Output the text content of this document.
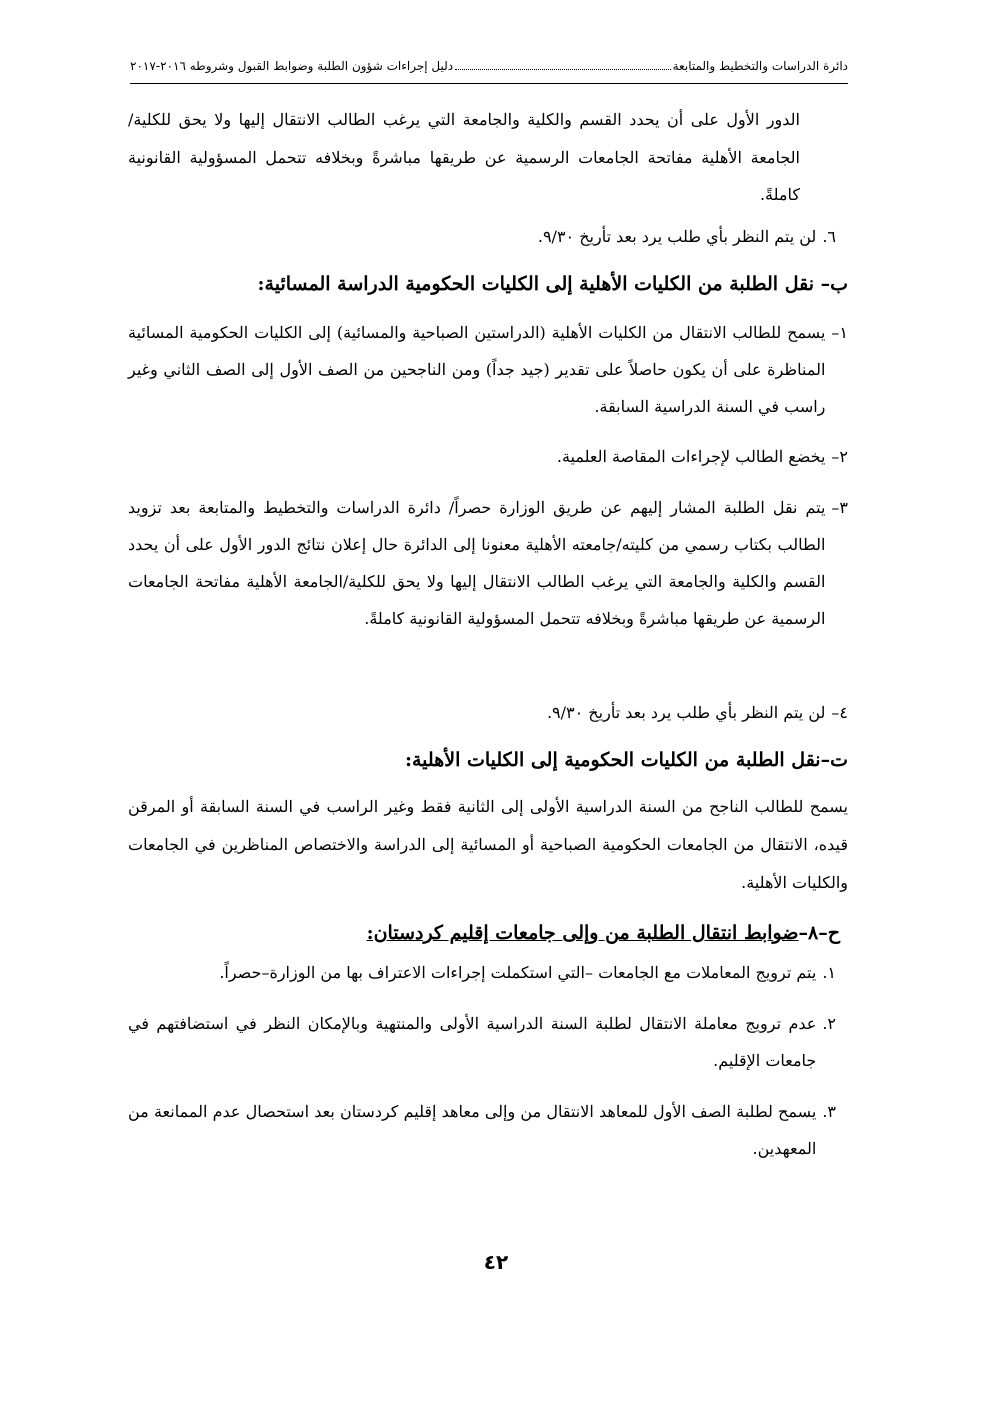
دائرة الدراسات والتخطيط والمتابعة
دليل إجراءات شؤون الطلبة وضوابط القبول وشروطه ٢٠١٦-٢٠١٧

الدور الأول على أن يحدد القسم والكلية والجامعة التي يرغب الطالب الانتقال إليها ولا يحق للكلية/الجامعة الأهلية مفاتحة الجامعات الرسمية عن طريقها مباشرةً وبخلافه تتحمل المسؤولية القانونية كاملةً.

٦.
لن يتم النظر بأي طلب يرد بعد تأريخ ٩/٣٠.

ب– نقل الطلبة من الكليات الأهلية إلى الكليات الحكومية الدراسة المسائية:

١–
يسمح للطالب الانتقال من الكليات الأهلية (الدراستين الصباحية والمسائية) إلى الكليات الحكومية المسائية المناظرة على أن يكون حاصلاً على تقدير (جيد جداً) ومن الناجحين من الصف الأول إلى الصف الثاني وغير راسب في السنة الدراسية السابقة.
٢–
يخضع الطالب لإجراءات المقاصة العلمية.
٣–
يتم نقل الطلبة المشار إليهم عن طريق الوزارة حصراً/ دائرة الدراسات والتخطيط والمتابعة بعد تزويد الطالب بكتاب رسمي من كليته/جامعته الأهلية معنونا إلى الدائرة حال إعلان نتائج الدور الأول على أن يحدد القسم والكلية والجامعة التي يرغب الطالب الانتقال إليها ولا يحق للكلية/الجامعة الأهلية مفاتحة الجامعات الرسمية عن طريقها مباشرةً وبخلافه تتحمل المسؤولية القانونية كاملةً.
٤–
لن يتم النظر بأي طلب يرد بعد تأريخ ٩/٣٠.

ت–نقل الطلبة من الكليات الحكومية إلى الكليات الأهلية:

يسمح للطالب الناجح من السنة الدراسية الأولى إلى الثانية فقط وغير الراسب في السنة السابقة أو المرقن قيده، الانتقال من الجامعات الحكومية الصباحية أو المسائية إلى الدراسة والاختصاص المناظرين في الجامعات والكليات الأهلية.

ح–٨–ضوابط انتقال الطلبة من وإلى جامعات إقليم كردستان:

١.
يتم ترويج المعاملات مع الجامعات –التي استكملت إجراءات الاعتراف بها من الوزارة–حصراً.
٢.
عدم ترويج معاملة الانتقال لطلبة السنة الدراسية الأولى والمنتهية وبالإمكان النظر في استضافتهم في جامعات الإقليم.
٣.
يسمح لطلبة الصف الأول للمعاهد الانتقال من وإلى معاهد إقليم كردستان بعد استحصال عدم الممانعة من المعهدين.
٤٢
